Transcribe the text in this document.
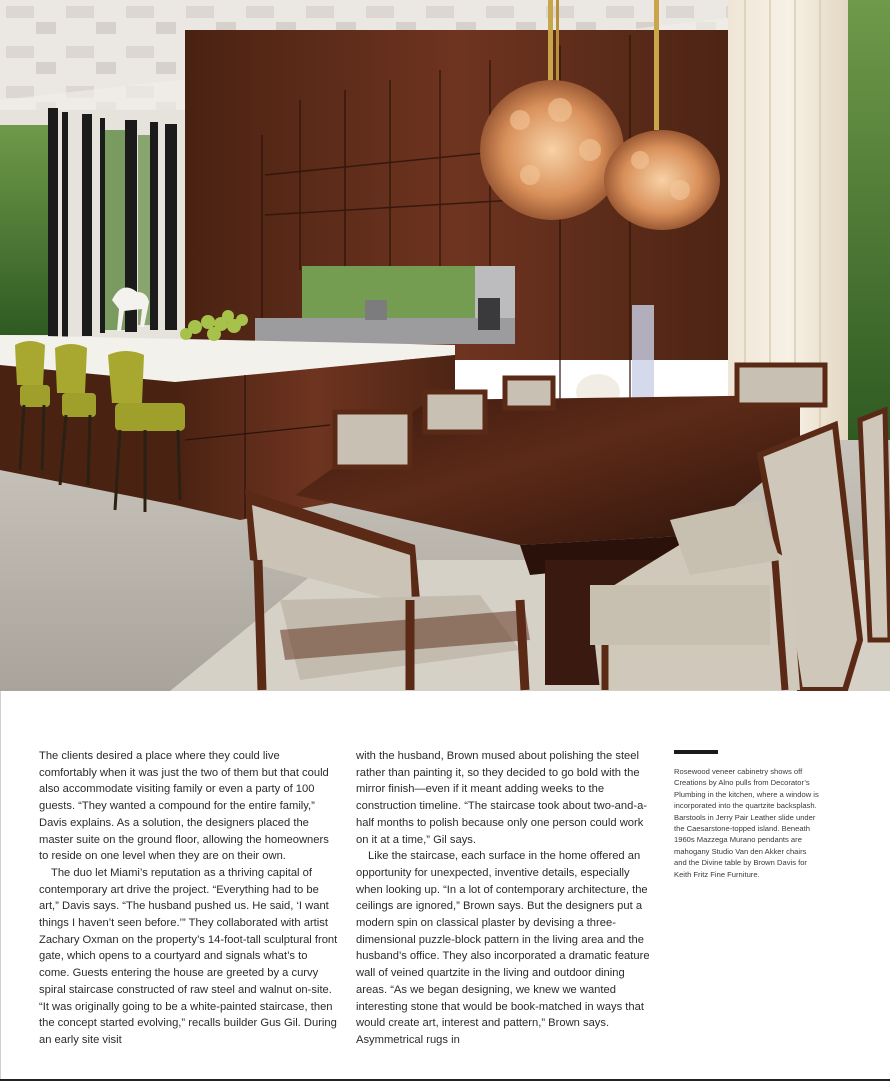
The clients desired a place where they could live comfortably when it was just the two of them but that could also accommodate visiting family or even a party of 100 guests. “They wanted a compound for the entire family,” Davis explains. As a solution, the designers placed the master suite on the ground floor, allowing the homeowners to reside on one level when they are on their own.

The duo let Miami’s reputation as a thriving capital of contemporary art drive the project. “Everything had to be art,” Davis says. “The husband pushed us. He said, ‘I want things I haven’t seen before.’” They collaborated with artist Zachary Oxman on the property’s 14-foot-tall sculptural front gate, which opens to a courtyard and signals what’s to come. Guests entering the house are greeted by a curvy spiral staircase constructed of raw steel and walnut on-site. “It was originally going to be a white-painted staircase, then the concept started evolving,” recalls builder Gus Gil. During an early site visit

with the husband, Brown mused about polishing the steel rather than painting it, so they decided to go bold with the mirror finish—even if it meant adding weeks to the construction timeline. “The staircase took about two-and-a-half months to polish because only one person could work on it at a time,” Gil says.

Like the staircase, each surface in the home offered an opportunity for unexpected, inventive details, especially when looking up. “In a lot of contemporary architecture, the ceilings are ignored,” Brown says. But the designers put a modern spin on classical plaster by devising a three-dimensional puzzle-block pattern in the living area and the husband’s office. They also incorporated a dramatic feature wall of veined quartzite in the living and outdoor dining areas. “As we began designing, we knew we wanted interesting stone that would be book-matched in ways that would create art, interest and pattern,” Brown says. Asymmetrical rugs in

Rosewood veneer cabinetry shows off Creations by Alno pulls from Decorator’s Plumbing in the kitchen, where a window is incorporated into the quartzite backsplash. Barstools in Jerry Pair Leather slide under the Caesarstone-topped island. Beneath 1960s Mazzega Murano pendants are mahogany Studio Van den Akker chairs and the Divine table by Brown Davis for Keith Fritz Fine Furniture.
